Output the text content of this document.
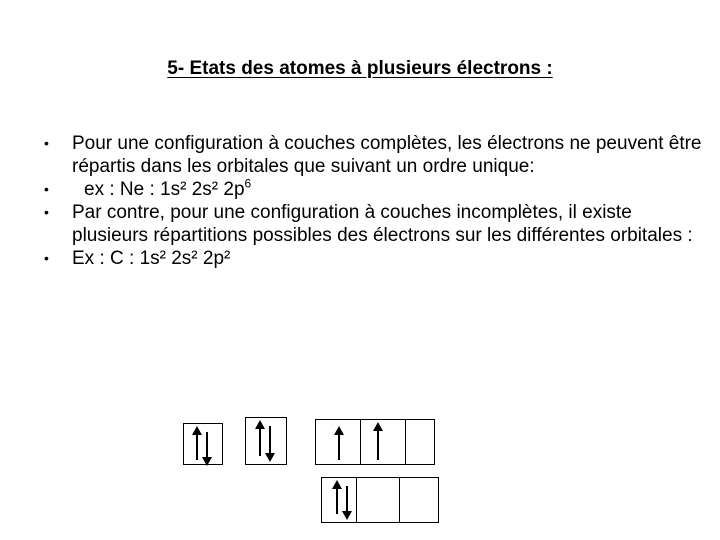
5- Etats des atomes à plusieurs électrons :
• Pour une configuration à couches complètes, les électrons ne peuvent être répartis dans les orbitales que suivant un ordre unique:
• ex : Ne : 1s² 2s² $2p^6$
• Par contre, pour une configuration à couches incomplètes, il existe plusieurs répartitions possibles des électrons sur les différentes orbitales :
• Ex : C : 1s² 2s² 2p²
